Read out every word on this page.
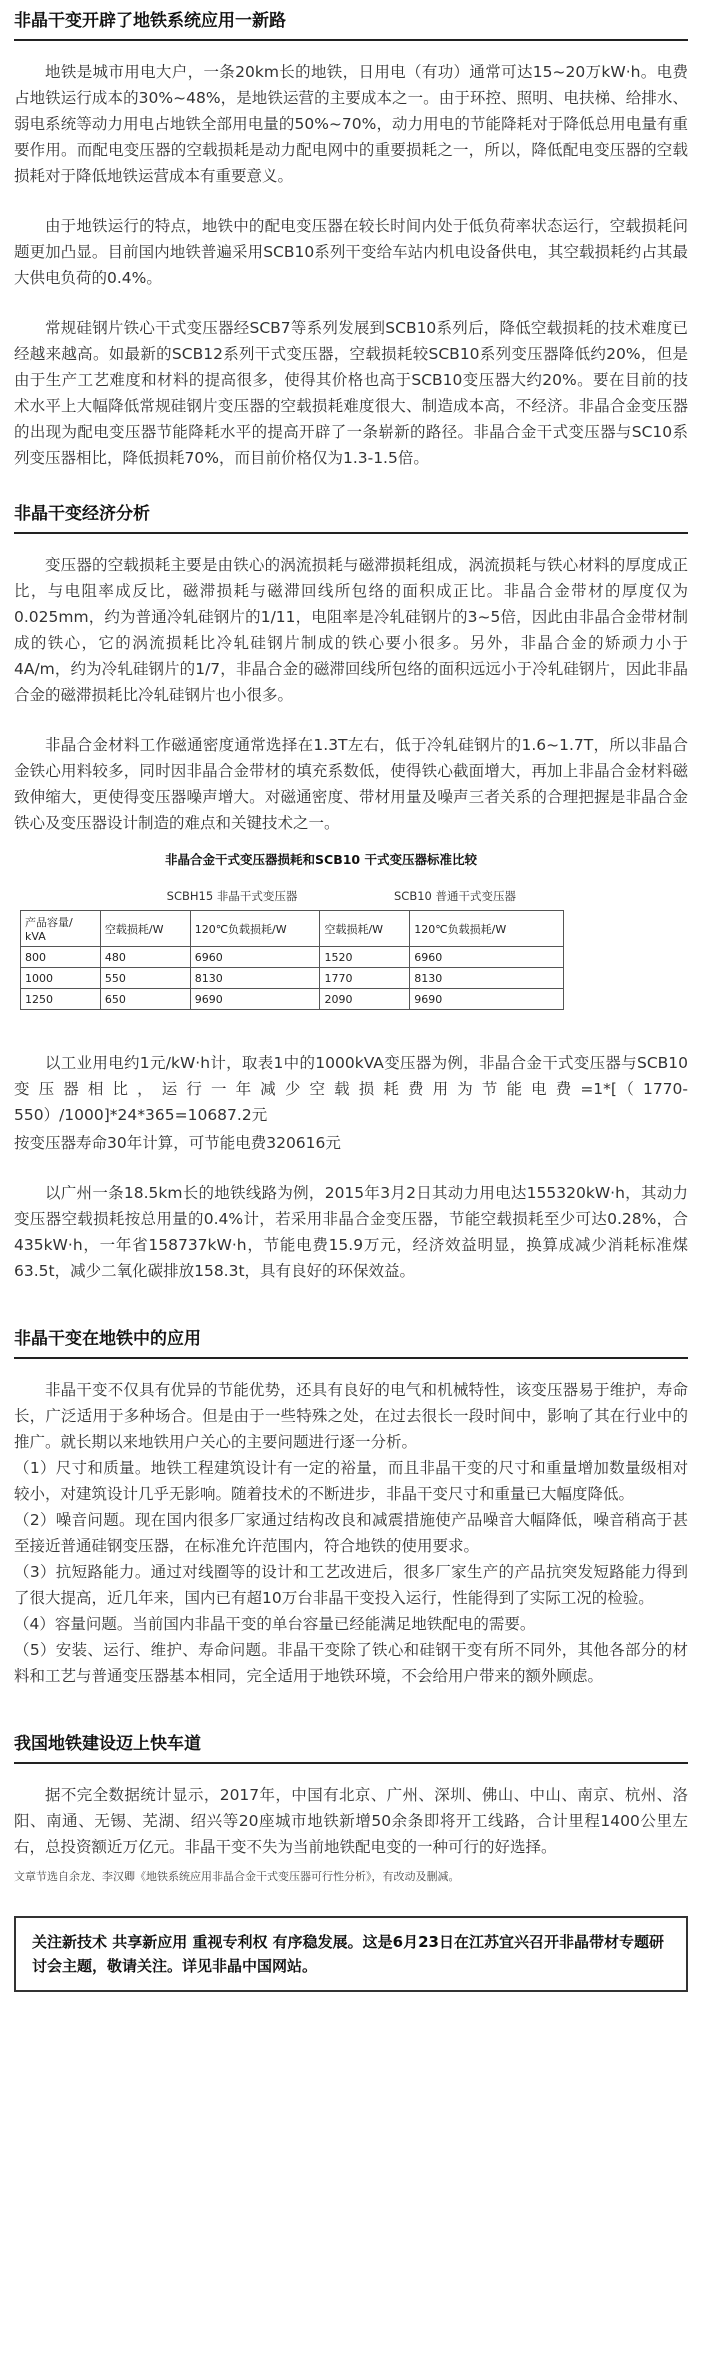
非晶干变开辟了地铁系统应用一新路

地铁是城市用电大户，一条20km长的地铁，日用电（有功）通常可达15~20万kW·h。电费占地铁运行成本的30%~48%，是地铁运营的主要成本之一。由于环控、照明、电扶梯、给排水、弱电系统等动力用电占地铁全部用电量的50%~70%，动力用电的节能降耗对于降低总用电量有重要作用。而配电变压器的空载损耗是动力配电网中的重要损耗之一，所以，降低配电变压器的空载损耗对于降低地铁运营成本有重要意义。

由于地铁运行的特点，地铁中的配电变压器在较长时间内处于低负荷率状态运行，空载损耗问题更加凸显。目前国内地铁普遍采用SCB10系列干变给车站内机电设备供电，其空载损耗约占其最大供电负荷的0.4%。

常规硅钢片铁心干式变压器经SCB7等系列发展到SCB10系列后，降低空载损耗的技术难度已经越来越高。如最新的SCB12系列干式变压器，空载损耗较SCB10系列变压器降低约20%，但是由于生产工艺难度和材料的提高很多，使得其价格也高于SCB10变压器大约20%。要在目前的技术水平上大幅降低常规硅钢片变压器的空载损耗难度很大、制造成本高，不经济。非晶合金变压器的出现为配电变压器节能降耗水平的提高开辟了一条崭新的路径。非晶合金干式变压器与SC10系列变压器相比，降低损耗70%，而目前价格仅为1.3-1.5倍。

非晶干变经济分析

变压器的空载损耗主要是由铁心的涡流损耗与磁滞损耗组成，涡流损耗与铁心材料的厚度成正比，与电阻率成反比，磁滞损耗与磁滞回线所包络的面积成正比。非晶合金带材的厚度仅为0.025mm，约为普通冷轧硅钢片的1/11，电阻率是冷轧硅钢片的3~5倍，因此由非晶合金带材制成的铁心，它的涡流损耗比冷轧硅钢片制成的铁心要小很多。另外，非晶合金的矫顽力小于4A/m，约为冷轧硅钢片的1/7，非晶合金的磁滞回线所包络的面积远远小于冷轧硅钢片，因此非晶合金的磁滞损耗比冷轧硅钢片也小很多。

非晶合金材料工作磁通密度通常选择在1.3T左右，低于冷轧硅钢片的1.6~1.7T，所以非晶合金铁心用料较多，同时因非晶合金带材的填充系数低，使得铁心截面增大，再加上非晶合金材料磁致伸缩大，更使得变压器噪声增大。对磁通密度、带材用量及噪声三者关系的合理把握是非晶合金铁心及变压器设计制造的难点和关键技术之一。

非晶合金干式变压器损耗和SCB10 干式变压器标准比较
SCBH15 非晶干式变压器	SCB10 普通干式变压器
产品容量/ kVA	空载损耗/W	120℃负载损耗/W	空载损耗/W	120℃负载损耗/W
800	480	6960	1520	6960
1000	550	8130	1770	8130
1250	650	9690	2090	9690

以工业用电约1元/kW·h计，取表1中的1000kVA变压器为例，非晶合金干式变压器与SCB10变压器相比，运行一年减少空载损耗费用为节能电费=1*[（1770-550）/1000]*24*365=10687.2元

按变压器寿命30年计算，可节能电费320616元

以广州一条18.5km长的地铁线路为例，2015年3月2日其动力用电达155320kW·h，其动力变压器空载损耗按总用量的0.4%计，若采用非晶合金变压器，节能空载损耗至少可达0.28%，合435kW·h，一年省158737kW·h，节能电费15.9万元，经济效益明显，换算成减少消耗标准煤63.5t，减少二氧化碳排放158.3t，具有良好的环保效益。

非晶干变在地铁中的应用

非晶干变不仅具有优异的节能优势，还具有良好的电气和机械特性，该变压器易于维护，寿命长，广泛适用于多种场合。但是由于一些特殊之处，在过去很长一段时间中，影响了其在行业中的推广。就长期以来地铁用户关心的主要问题进行逐一分析。

（1）尺寸和质量。地铁工程建筑设计有一定的裕量，而且非晶干变的尺寸和重量增加数量级相对较小，对建筑设计几乎无影响。随着技术的不断进步，非晶干变尺寸和重量已大幅度降低。

（2）噪音问题。现在国内很多厂家通过结构改良和减震措施使产品噪音大幅降低，噪音稍高于甚至接近普通硅钢变压器，在标准允许范围内，符合地铁的使用要求。

（3）抗短路能力。通过对线圈等的设计和工艺改进后，很多厂家生产的产品抗突发短路能力得到了很大提高，近几年来，国内已有超10万台非晶干变投入运行，性能得到了实际工况的检验。

（4）容量问题。当前国内非晶干变的单台容量已经能满足地铁配电的需要。

（5）安装、运行、维护、寿命问题。非晶干变除了铁心和硅钢干变有所不同外，其他各部分的材料和工艺与普通变压器基本相同，完全适用于地铁环境，不会给用户带来的额外顾虑。

我国地铁建设迈上快车道

据不完全数据统计显示，2017年，中国有北京、广州、深圳、佛山、中山、南京、杭州、洛阳、南通、无锡、芜湖、绍兴等20座城市地铁新增50余条即将开工线路，合计里程1400公里左右，总投资额近万亿元。非晶干变不失为当前地铁配电变的一种可行的好选择。

文章节选自余龙、李汉卿《地铁系统应用非晶合金干式变压器可行性分析》，有改动及删减。

关注新技术 共享新应用 重视专利权 有序稳发展。这是6月23日在江苏宜兴召开非晶带材专题研讨会主题，敬请关注。详见非晶中国网站。
